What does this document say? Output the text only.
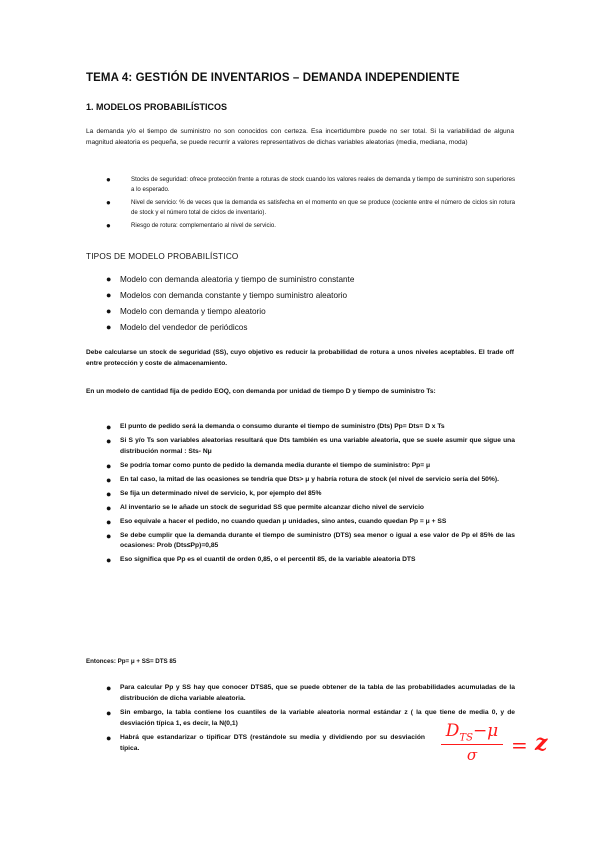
TEMA 4: GESTIÓN DE INVENTARIOS – DEMANDA INDEPENDIENTE
1. MODELOS PROBABILÍSTICOS

La demanda y/o el tiempo de suministro no son conocidos con certeza. Esa incertidumbre puede no ser total. Si la variabilidad de alguna magnitud aleatoria es pequeña, se puede recurrir a valores representativos de dichas variables aleatorias (media, mediana, moda)

●	Stocks de seguridad: ofrece protección frente a roturas de stock cuando los valores reales de demanda y tiempo de suministro son superiores a lo esperado.
●	Nivel de servicio: % de veces que la demanda es satisfecha en el momento en que se produce (cociente entre el número de ciclos sin rotura de stock y el número total de ciclos de inventario).
●	Riesgo de rotura: complementario al nivel de servicio.
TIPOS DE MODELO PROBABILÍSTICO
● Modelo con demanda aleatoria y tiempo de suministro constante
● Modelos con demanda constante y tiempo suministro aleatorio
● Modelo con demanda y tiempo aleatorio
● Modelo del vendedor de periódicos

Debe calcularse un stock de seguridad (SS), cuyo objetivo es reducir la probabilidad de rotura a unos niveles aceptables. El trade off entre protección y coste de almacenamiento.

En un modelo de cantidad fija de pedido EOQ, con demanda por unidad de tiempo D y tiempo de suministro Ts:

● El punto de pedido será la demanda o consumo durante el tiempo de suministro (Dts) Pp= Dts= D x Ts
● Si S y/o Ts son variables aleatorias resultará que Dts también es una variable aleatoria, que se suele asumir que sigue una distribución normal : Sts- Nμ
● Se podría tomar como punto de pedido la demanda media durante el tiempo de suministro: Pp= μ
● En tal caso, la mitad de las ocasiones se tendría que Dts> μ y habría rotura de stock (el nivel de servicio sería del 50%).
● Se fija un determinado nivel de servicio, k, por ejemplo del 85%
● Al inventario se le añade un stock de seguridad SS que permite alcanzar dicho nivel de servicio
● Eso equivale a hacer el pedido, no cuando quedan μ unidades, sino antes, cuando quedan Pp = μ + SS
● Se debe cumplir que la demanda durante el tiempo de suministro (DTS) sea menor o igual a ese valor de Pp el 85% de las ocasiones: Prob (Dts≤Pp)=0,85
● Eso significa que Pp es el cuantil de orden 0,85, o el percentil 85, de la variable aleatoria DTS
Entonces: Pp= μ + SS= DTS 85
● Para calcular Pp y SS hay que conocer DTS85, que se puede obtener de la tabla de las probabilidades acumuladas de la distribución de dicha variable aleatoria.
● Sin embargo, la tabla contiene los cuantiles de la variable aleatoria normal estándar z ( la que tiene de media 0, y de desviación típica 1, es decir, la N(0,1)
● Habrá que estandarizar o tipificar DTS (restándole su media y dividiendo por su desviación típica.
$D_{TS}-\mu$
σ	= z
